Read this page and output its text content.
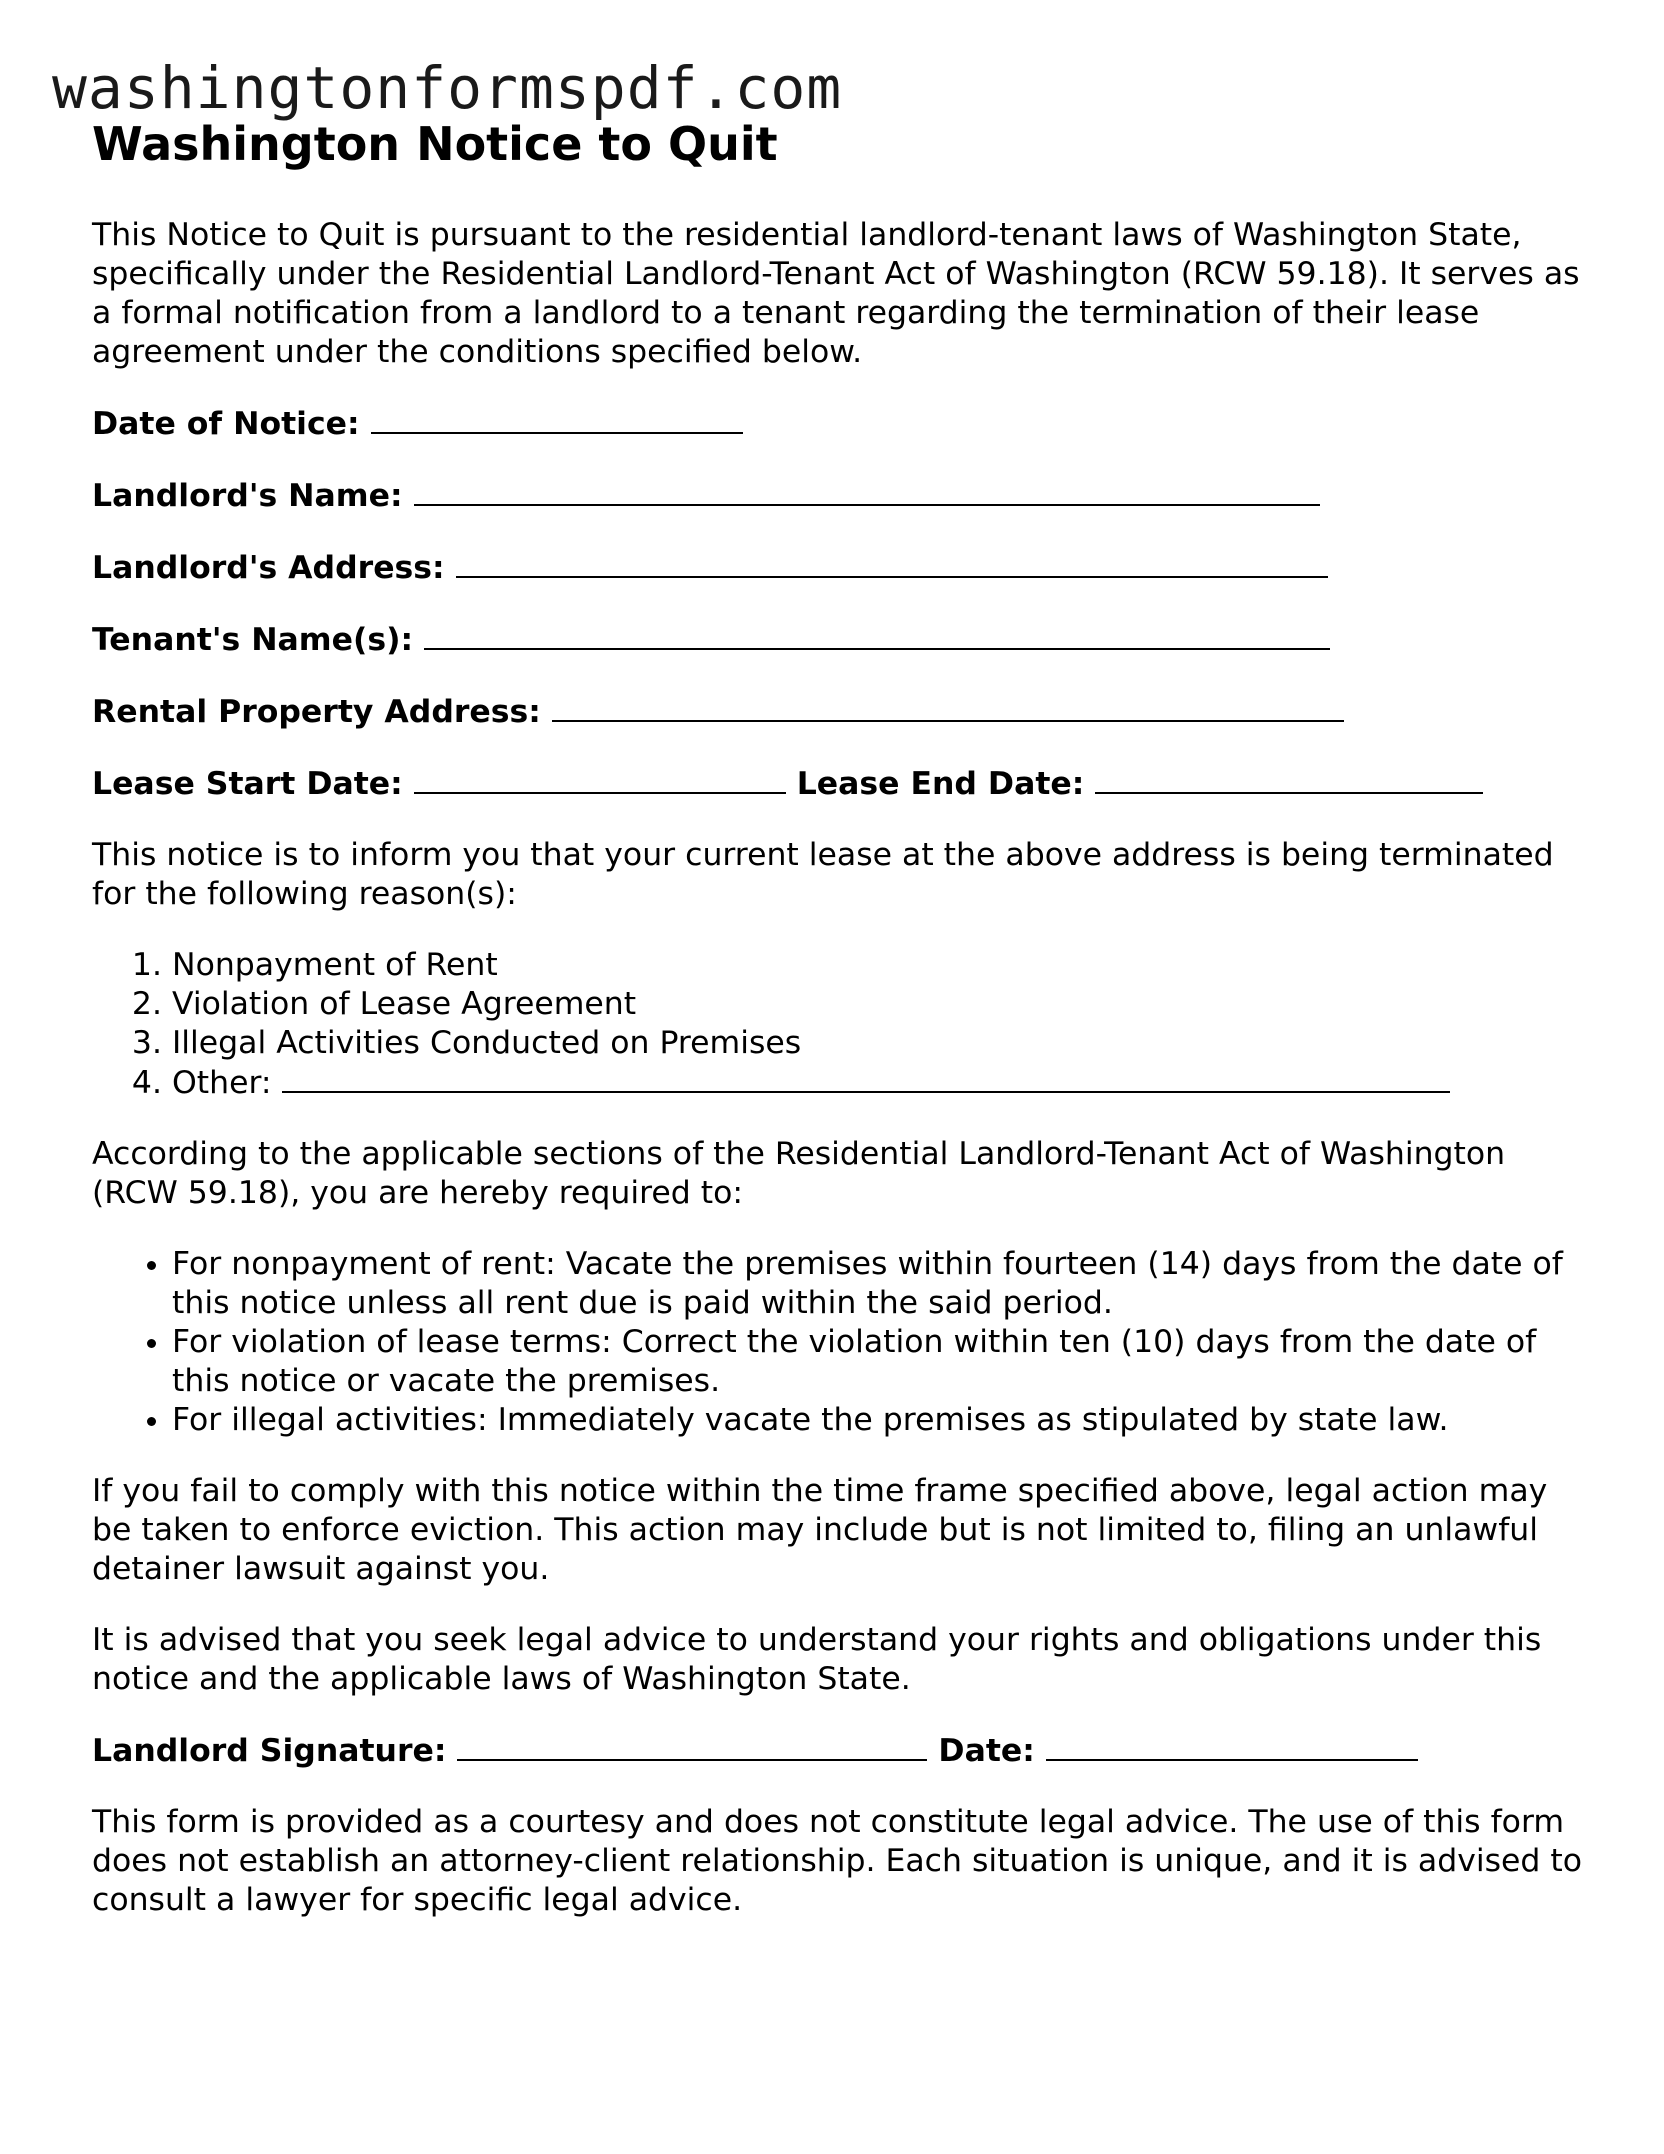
washingtonformspdf.com
Washington Notice to Quit

This Notice to Quit is pursuant to the residential landlord-tenant laws of Washington State, specifically under the Residential Landlord-Tenant Act of Washington (RCW 59.18). It serves as a formal notification from a landlord to a tenant regarding the termination of their lease agreement under the conditions specified below.

Date of Notice:
Landlord's Name:
Landlord's Address:
Tenant's Name(s):
Rental Property Address:
Lease Start Date:	Lease End Date:

This notice is to inform you that your current lease at the above address is being terminated for the following reason(s):

1. Nonpayment of Rent
2. Violation of Lease Agreement
3. Illegal Activities Conducted on Premises
4. Other:

According to the applicable sections of the Residential Landlord-Tenant Act of Washington (RCW 59.18), you are hereby required to:

• For nonpayment of rent: Vacate the premises within fourteen (14) days from the date of this notice unless all rent due is paid within the said period.
• For violation of lease terms: Correct the violation within ten (10) days from the date of this notice or vacate the premises.
• For illegal activities: Immediately vacate the premises as stipulated by state law.

If you fail to comply with this notice within the time frame specified above, legal action may be taken to enforce eviction. This action may include but is not limited to, filing an unlawful detainer lawsuit against you.

It is advised that you seek legal advice to understand your rights and obligations under this notice and the applicable laws of Washington State.

Landlord Signature:	Date:

This form is provided as a courtesy and does not constitute legal advice. The use of this form does not establish an attorney-client relationship. Each situation is unique, and it is advised to consult a lawyer for specific legal advice.
